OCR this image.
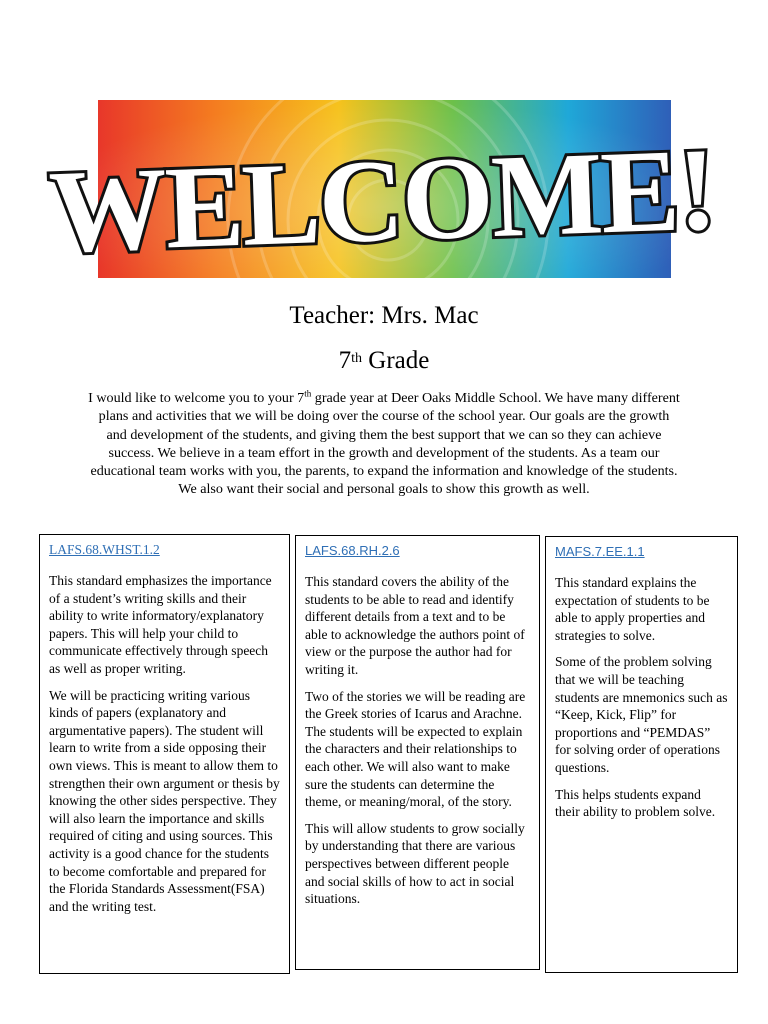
WELCOME!
Teacher: Mrs. Mac
7th Grade
I would like to welcome you to your 7th grade year at Deer Oaks Middle School. We have many different plans and activities that we will be doing over the course of the school year. Our goals are the growth and development of the students, and giving them the best support that we can so they can achieve success. We believe in a team effort in the growth and development of the students. As a team our educational team works with you, the parents, to expand the information and knowledge of the students. We also want their social and personal goals to show this growth as well.
LAFS.68.WHST.1.2

This standard emphasizes the importance of a student’s writing skills and their ability to write informatory/explanatory papers. This will help your child to communicate effectively through speech as well as proper writing.

We will be practicing writing various kinds of papers (explanatory and argumentative papers). The student will learn to write from a side opposing their own views. This is meant to allow them to strengthen their own argument or thesis by knowing the other sides perspective. They will also learn the importance and skills required of citing and using sources. This activity is a good chance for the students to become comfortable and prepared for the Florida Standards Assessment(FSA) and the writing test.

LAFS.68.RH.2.6

This standard covers the ability of the students to be able to read and identify different details from a text and to be able to acknowledge the authors point of view or the purpose the author had for writing it.

Two of the stories we will be reading are the Greek stories of Icarus and Arachne. The students will be expected to explain the characters and their relationships to each other. We will also want to make sure the students can determine the theme, or meaning/moral, of the story.

This will allow students to grow socially by understanding that there are various perspectives between different people and social skills of how to act in social situations.

MAFS.7.EE.1.1

This standard explains the expectation of students to be able to apply properties and strategies to solve.

Some of the problem solving that we will be teaching students are mnemonics such as “Keep, Kick, Flip” for proportions and “PEMDAS” for solving order of operations questions.

This helps students expand their ability to problem solve.
